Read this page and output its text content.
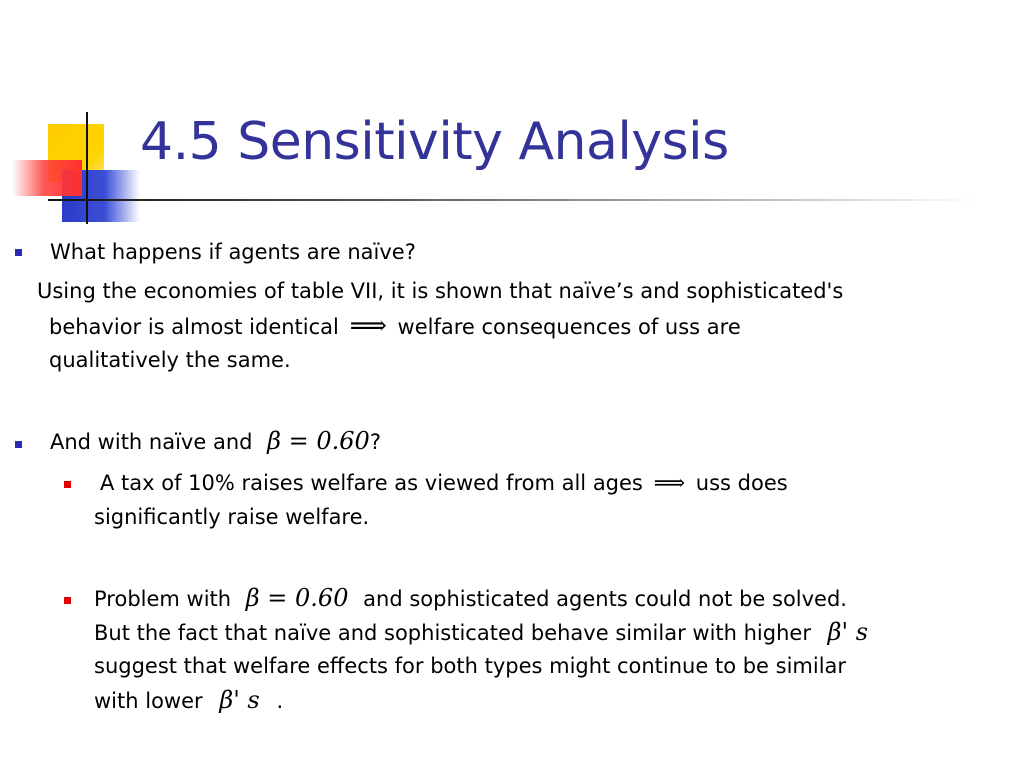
4.5 Sensitivity Analysis
What happens if agents are naïve?
Using the economies of table VII, it is shown that naïve’s and sophisticated's
behavior is almost identical ⟹ welfare consequences of uss are
qualitatively the same.
And with naïve and β = 0.60?
A tax of 10% raises welfare as viewed from all ages ⟹ uss does
significantly raise welfare.
Problem with β = 0.60 and sophisticated agents could not be solved.
But the fact that naïve and sophisticated behave similar with higher β' s
suggest that welfare effects for both types might continue to be similar
with lower β' s .
